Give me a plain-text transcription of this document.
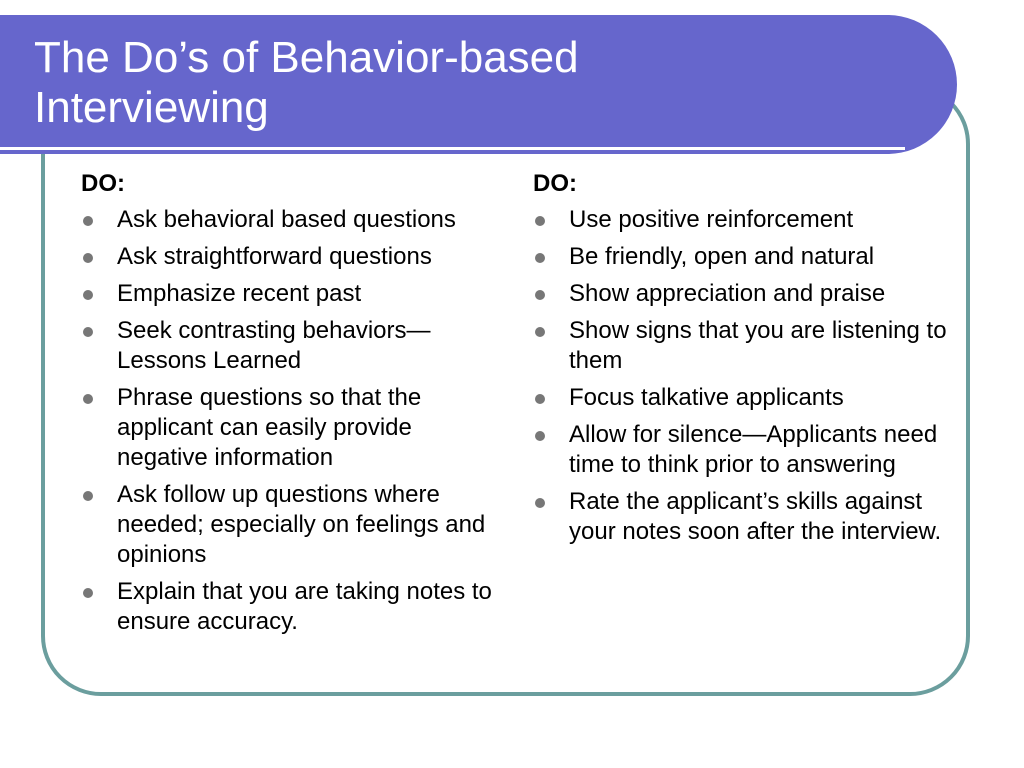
The Do’s of Behavior-based
Interviewing

DO:

Ask behavioral based questions
Ask straightforward questions
Emphasize recent past
Seek contrasting behaviors—Lessons Learned
Phrase questions so that the applicant can easily provide negative information
Ask follow up questions where needed; especially on feelings and opinions
Explain that you are taking notes to ensure accuracy.

DO:

Use positive reinforcement
Be friendly, open and natural
Show appreciation and praise
Show signs that you are listening to them
Focus talkative applicants
Allow for silence—Applicants need time to think prior to answering
Rate the applicant’s skills against your notes soon after the interview.
